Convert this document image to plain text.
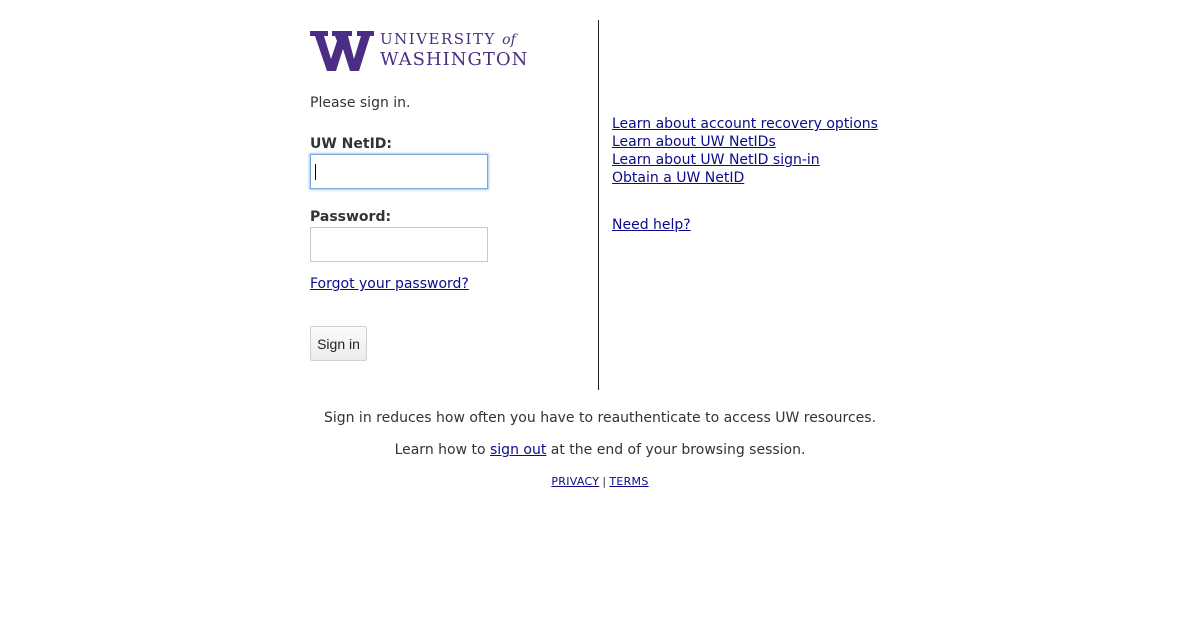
UNIVERSITY of
WASHINGTON
Please sign in.
UW NetID:
Password:
Forgot your password?
Sign in
Learn about account recovery options
Learn about UW NetIDs
Learn about UW NetID sign-in
Obtain a UW NetID
Need help?

Sign in reduces how often you have to reauthenticate to access UW resources.

Learn how to sign out at the end of your browsing session.

PRIVACY | TERMS
